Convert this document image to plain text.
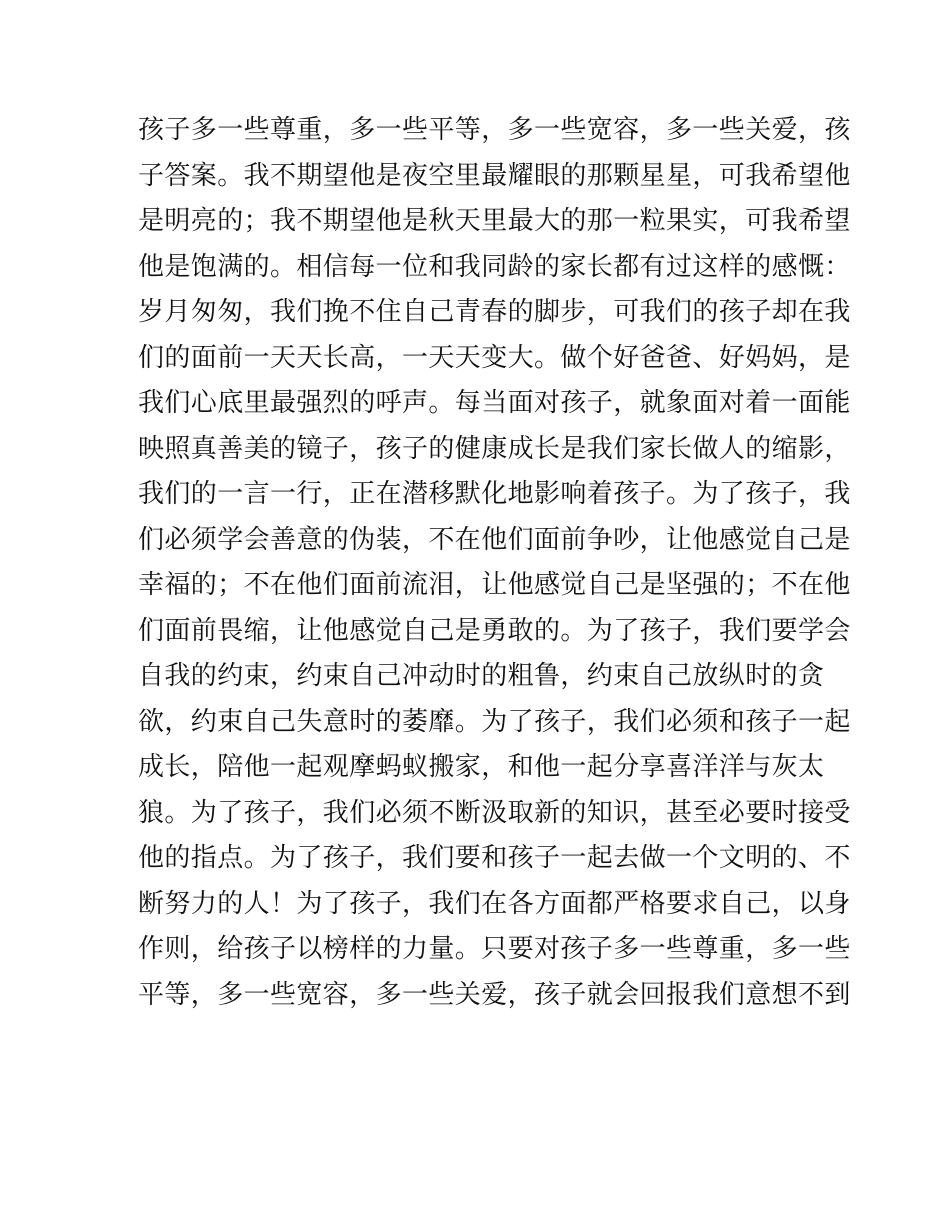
孩子多一些尊重，多一些平等，多一些宽容，多一些关爱，孩
子答案。我不期望他是夜空里最耀眼的那颗星星，可我希望他
是明亮的；我不期望他是秋天里最大的那一粒果实，可我希望
他是饱满的。相信每一位和我同龄的家长都有过这样的感慨：
岁月匆匆，我们挽不住自己青春的脚步，可我们的孩子却在我
们的面前一天天长高，一天天变大。做个好爸爸、好妈妈，是
我们心底里最强烈的呼声。每当面对孩子，就象面对着一面能
映照真善美的镜子，孩子的健康成长是我们家长做人的缩影，
我们的一言一行，正在潜移默化地影响着孩子。为了孩子，我
们必须学会善意的伪装，不在他们面前争吵，让他感觉自己是
幸福的；不在他们面前流泪，让他感觉自己是坚强的；不在他
们面前畏缩，让他感觉自己是勇敢的。为了孩子，我们要学会
自我的约束，约束自己冲动时的粗鲁，约束自己放纵时的贪
欲，约束自己失意时的萎靡。为了孩子，我们必须和孩子一起
成长，陪他一起观摩蚂蚁搬家，和他一起分享喜洋洋与灰太
狼。为了孩子，我们必须不断汲取新的知识，甚至必要时接受
他的指点。为了孩子，我们要和孩子一起去做一个文明的、不
断努力的人！为了孩子，我们在各方面都严格要求自己，以身
作则，给孩子以榜样的力量。只要对孩子多一些尊重，多一些
平等，多一些宽容，多一些关爱，孩子就会回报我们意想不到
